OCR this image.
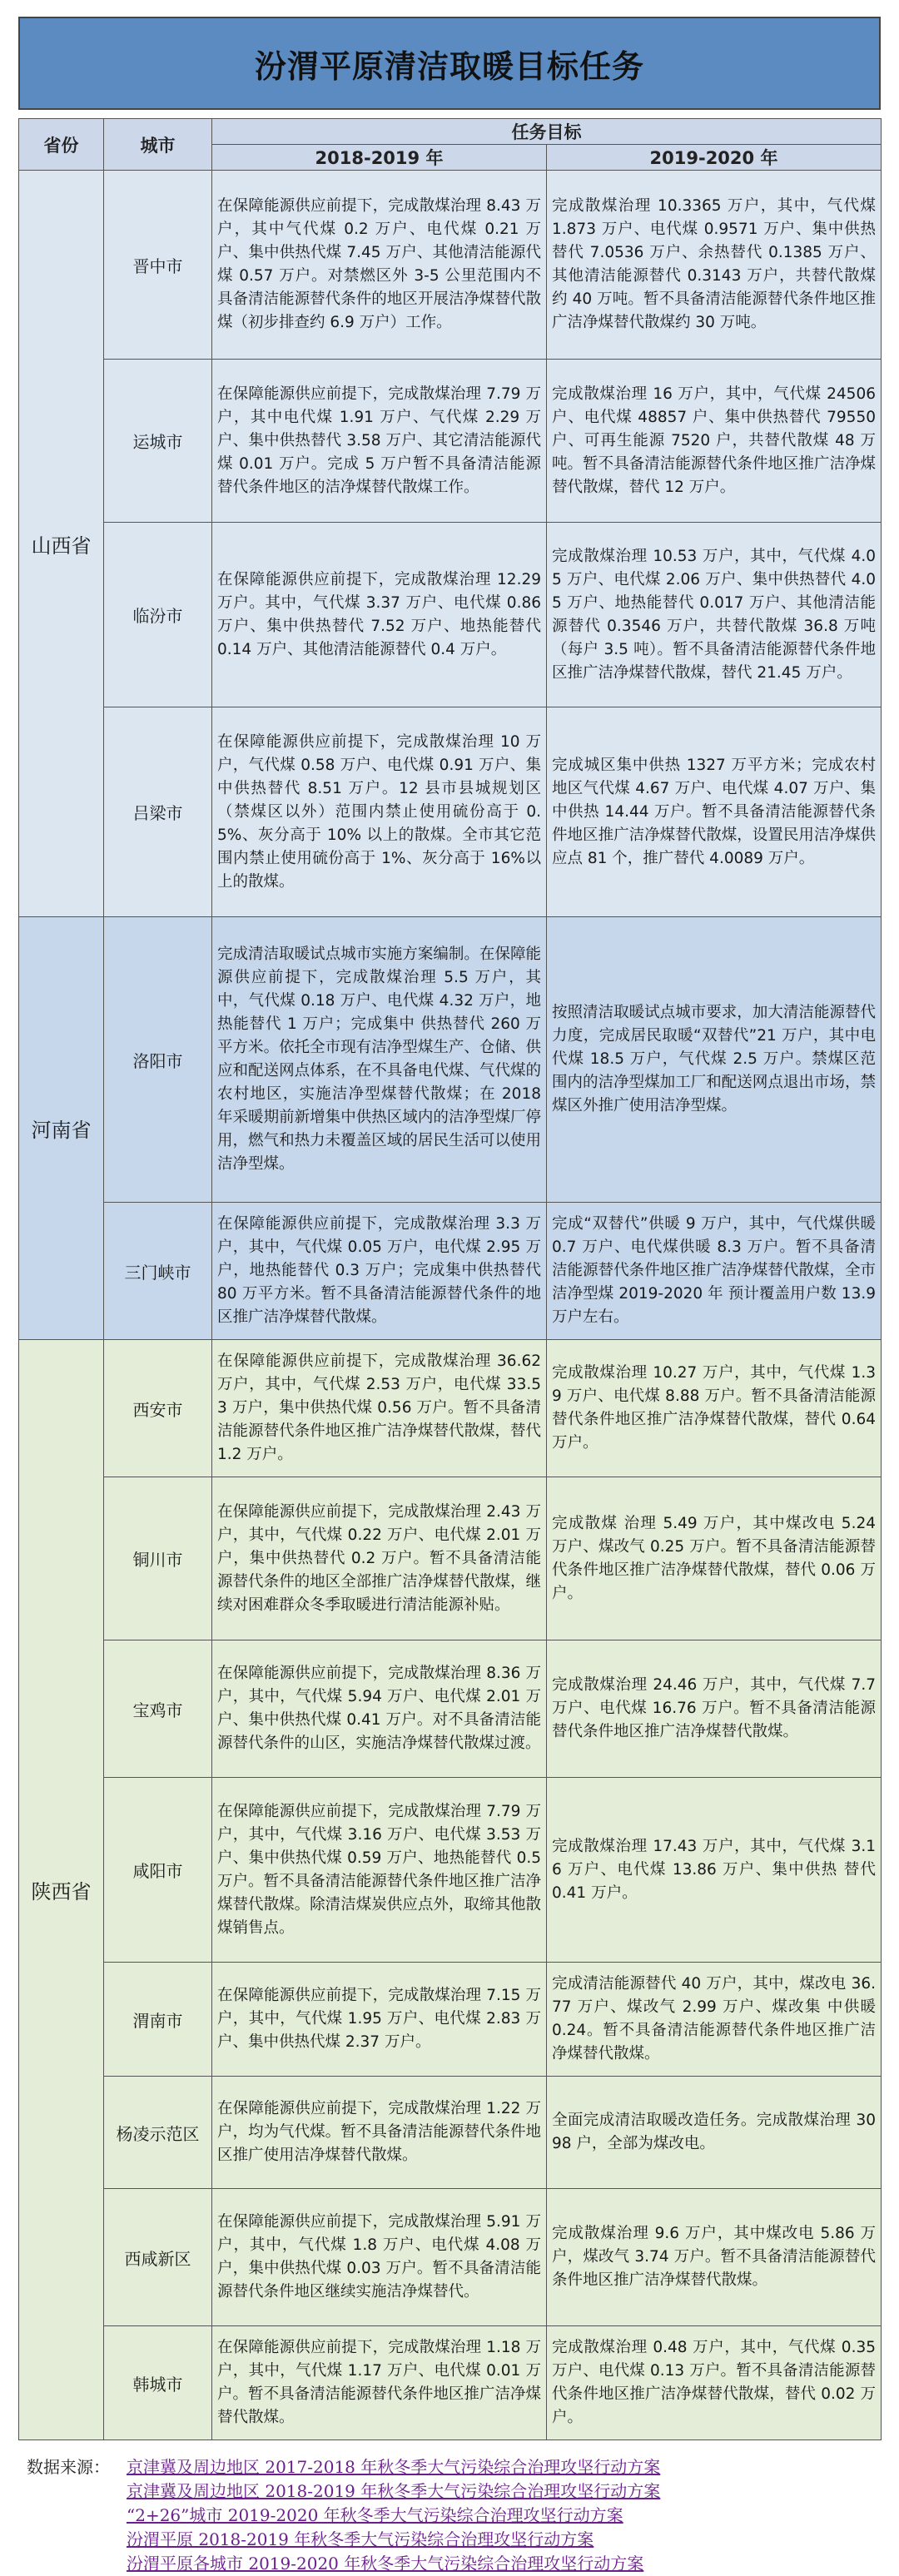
汾渭平原清洁取暖目标任务
省份	城市	任务目标	
		2018-2019 年	2019-2020 年
山西省	晋中市	在保障能源供应前提下，完成散煤治理 8.43 万户，其中气代煤 0.2 万户、电代煤 0.21 万户、集中供热代煤 7.45 万户、其他清洁能源代煤 0.57 万户。对禁燃区外 3-5 公里范围内不具备清洁能源替代条件的地区开展洁净煤替代散煤（初步排查约 6.9 万户）工作。	完成散煤治理 10.3365 万户，其中，气代煤 1.873 万户、电代煤 0.9571 万户、集中供热替代 7.0536 万户、余热替代 0.1385 万户、其他清洁能源替代 0.3143 万户，共替代散煤约 40 万吨。暂不具备清洁能源替代条件地区推广洁净煤替代散煤约 30 万吨。
	运城市	在保障能源供应前提下，完成散煤治理 7.79 万户，其中电代煤 1.91 万户、气代煤 2.29 万户、集中供热替代 3.58 万户、其它清洁能源代煤 0.01 万户。完成 5 万户暂不具备清洁能源替代条件地区的洁净煤替代散煤工作。	完成散煤治理 16 万户，其中，气代煤 24506 户、电代煤 48857 户、集中供热替代 79550 户、可再生能源 7520 户，共替代散煤 48 万吨。暂不具备清洁能源替代条件地区推广洁净煤替代散煤，替代 12 万户。
	临汾市	在保障能源供应前提下，完成散煤治理 12.29 万户。其中，气代煤 3.37 万户、电代煤 0.86 万户、集中供热替代 7.52 万户、地热能替代 0.14 万户、其他清洁能源替代 0.4 万户。	完成散煤治理 10.53 万户，其中，气代煤 4.05 万户、电代煤 2.06 万户、集中供热替代 4.05 万户、地热能替代 0.017 万户、其他清洁能源替代 0.3546 万户，共替代散煤 36.8 万吨（每户 3.5 吨）。暂不具备清洁能源替代条件地区推广洁净煤替代散煤，替代 21.45 万户。
	吕梁市	在保障能源供应前提下，完成散煤治理 10 万户，气代煤 0.58 万户、电代煤 0.91 万户、集中供热替代 8.51 万户。12 县市县城规划区（禁煤区以外）范围内禁止使用硫份高于 0.5%、灰分高于 10% 以上的散煤。全市其它范围内禁止使用硫份高于 1%、灰分高于 16%以上的散煤。	完成城区集中供热 1327 万平方米；完成农村地区气代煤 4.67 万户、电代煤 4.07 万户、集中供热 14.44 万户。暂不具备清洁能源替代条件地区推广洁净煤替代散煤，设置民用洁净煤供应点 81 个，推广替代 4.0089 万户。
河南省	洛阳市	完成清洁取暖试点城市实施方案编制。在保障能源供应前提下，完成散煤治理 5.5 万户，其中，气代煤 0.18 万户、电代煤 4.32 万户，地热能替代 1 万户；完成集中 供热替代 260 万平方米。依托全市现有洁净型煤生产、仓储、供应和配送网点体系，在不具备电代煤、气代煤的农村地区，实施洁净型煤替代散煤；在 2018 年采暖期前新增集中供热区域内的洁净型煤厂停用，燃气和热力未覆盖区域的居民生活可以使用洁净型煤。	按照清洁取暖试点城市要求，加大清洁能源替代力度，完成居民取暖“双替代”21 万户，其中电代煤 18.5 万户，气代煤 2.5 万户。禁煤区范围内的洁净型煤加工厂和配送网点退出市场，禁煤区外推广使用洁净型煤。
	三门峡市	在保障能源供应前提下，完成散煤治理 3.3 万户，其中，气代煤 0.05 万户，电代煤 2.95 万户，地热能替代 0.3 万户；完成集中供热替代 80 万平方米。暂不具备清洁能源替代条件的地区推广洁净煤替代散煤。	完成“双替代”供暖 9 万户，其中，气代煤供暖 0.7 万户、电代煤供暖 8.3 万户。暂不具备清洁能源替代条件地区推广洁净煤替代散煤，全市洁净型煤 2019-2020 年 预计覆盖用户数 13.9 万户左右。
陕西省	西安市	在保障能源供应前提下，完成散煤治理 36.62 万户，其中，气代煤 2.53 万户，电代煤 33.53 万户，集中供热代煤 0.56 万户。暂不具备清洁能源替代条件地区推广洁净煤替代散煤，替代 1.2 万户。	完成散煤治理 10.27 万户，其中，气代煤 1.39 万户、电代煤 8.88 万户。暂不具备清洁能源替代条件地区推广洁净煤替代散煤，替代 0.64 万户。
	铜川市	在保障能源供应前提下，完成散煤治理 2.43 万户，其中，气代煤 0.22 万户、电代煤 2.01 万户，集中供热替代 0.2 万户。暂不具备清洁能源替代条件的地区全部推广洁净煤替代散煤，继续对困难群众冬季取暖进行清洁能源补贴。	完成散煤 治理 5.49 万户，其中煤改电 5.24 万户、煤改气 0.25 万户。暂不具备清洁能源替代条件地区推广洁净煤替代散煤，替代 0.06 万户。
	宝鸡市	在保障能源供应前提下，完成散煤治理 8.36 万户，其中，气代煤 5.94 万户、电代煤 2.01 万户、集中供热代煤 0.41 万户。对不具备清洁能源替代条件的山区，实施洁净煤替代散煤过渡。	完成散煤治理 24.46 万户，其中，气代煤 7.7 万户、电代煤 16.76 万户。暂不具备清洁能源替代条件地区推广洁净煤替代散煤。
	咸阳市	在保障能源供应前提下，完成散煤治理 7.79 万户，其中，气代煤 3.16 万户、电代煤 3.53 万户、集中供热代煤 0.59 万户、地热能替代 0.5 万户。暂不具备清洁能源替代条件地区推广洁净煤替代散煤。除清洁煤炭供应点外，取缔其他散煤销售点。	完成散煤治理 17.43 万户，其中，气代煤 3.16 万户、电代煤 13.86 万户、集中供热 替代 0.41 万户。
	渭南市	在保障能源供应前提下，完成散煤治理 7.15 万户，其中，气代煤 1.95 万户、电代煤 2.83 万户、集中供热代煤 2.37 万户。	完成清洁能源替代 40 万户，其中，煤改电 36.77 万户、煤改气 2.99 万户、煤改集 中供暖 0.24。暂不具备清洁能源替代条件地区推广洁净煤替代散煤。
	杨凌示范区	在保障能源供应前提下，完成散煤治理 1.22 万户，均为气代煤。暂不具备清洁能源替代条件地区推广使用洁净煤替代散煤。	全面完成清洁取暖改造任务。完成散煤治理 3098 户，全部为煤改电。
	西咸新区	在保障能源供应前提下，完成散煤治理 5.91 万户，其中，气代煤 1.8 万户、电代煤 4.08 万户，集中供热代煤 0.03 万户。暂不具备清洁能源替代条件地区继续实施洁净煤替代。	完成散煤治理 9.6 万户，其中煤改电 5.86 万户，煤改气 3.74 万户。暂不具备清洁能源替代条件地区推广洁净煤替代散煤。
	韩城市	在保障能源供应前提下，完成散煤治理 1.18 万户，其中，气代煤 1.17 万户、电代煤 0.01 万户。暂不具备清洁能源替代条件地区推广洁净煤替代散煤。	完成散煤治理 0.48 万户，其中，气代煤 0.35 万户、电代煤 0.13 万户。暂不具备清洁能源替代条件地区推广洁净煤替代散煤，替代 0.02 万户。
数据来源：	京津冀及周边地区 2017-2018 年秋冬季大气污染综合治理攻坚行动方案
京津冀及周边地区 2018-2019 年秋冬季大气污染综合治理攻坚行动方案
“2+26”城市 2019-2020 年秋冬季大气污染综合治理攻坚行动方案
汾渭平原 2018-2019 年秋冬季大气污染综合治理攻坚行动方案
汾渭平原各城市 2019-2020 年秋冬季大气污染综合治理攻坚行动方案
